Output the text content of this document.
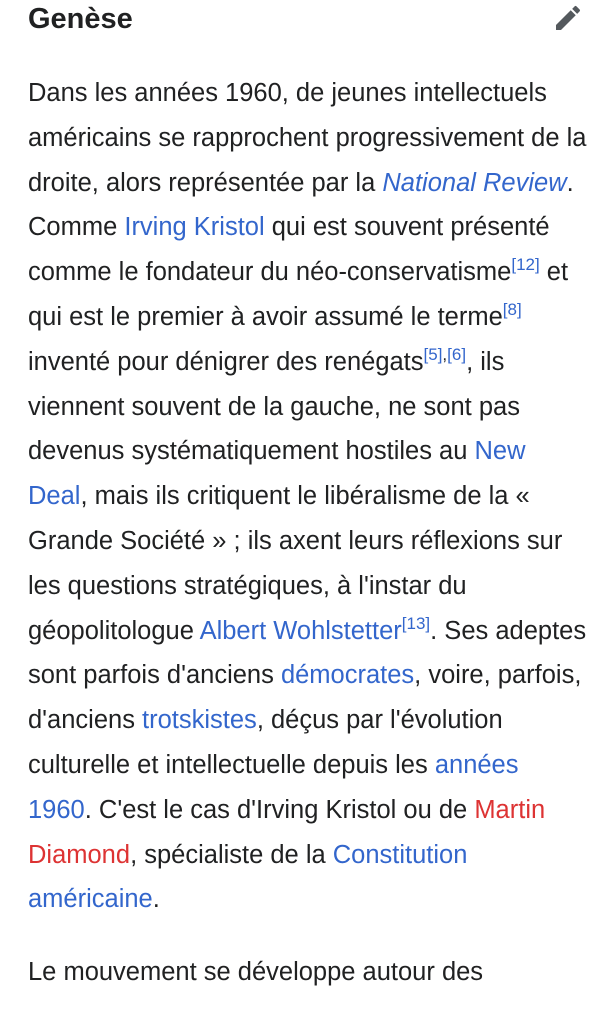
Genèse

Dans les années 1960, de jeunes intellectuels américains se rapprochent progressivement de la droite, alors représentée par la National Review. Comme Irving Kristol qui est souvent présenté comme le fondateur du néo-conservatisme[12] et qui est le premier à avoir assumé le terme[8] inventé pour dénigrer des renégats[5],[6], ils viennent souvent de la gauche, ne sont pas devenus systématiquement hostiles au New Deal, mais ils critiquent le libéralisme de la « Grande Société » ; ils axent leurs réflexions sur les questions stratégiques, à l'instar du géopolitologue Albert Wohlstetter[13]. Ses adeptes sont parfois d'anciens démocrates, voire, parfois, d'anciens trotskistes, déçus par l'évolution culturelle et intellectuelle depuis les années 1960. C'est le cas d'Irving Kristol ou de Martin Diamond, spécialiste de la Constitution américaine.

Le mouvement se développe autour des
